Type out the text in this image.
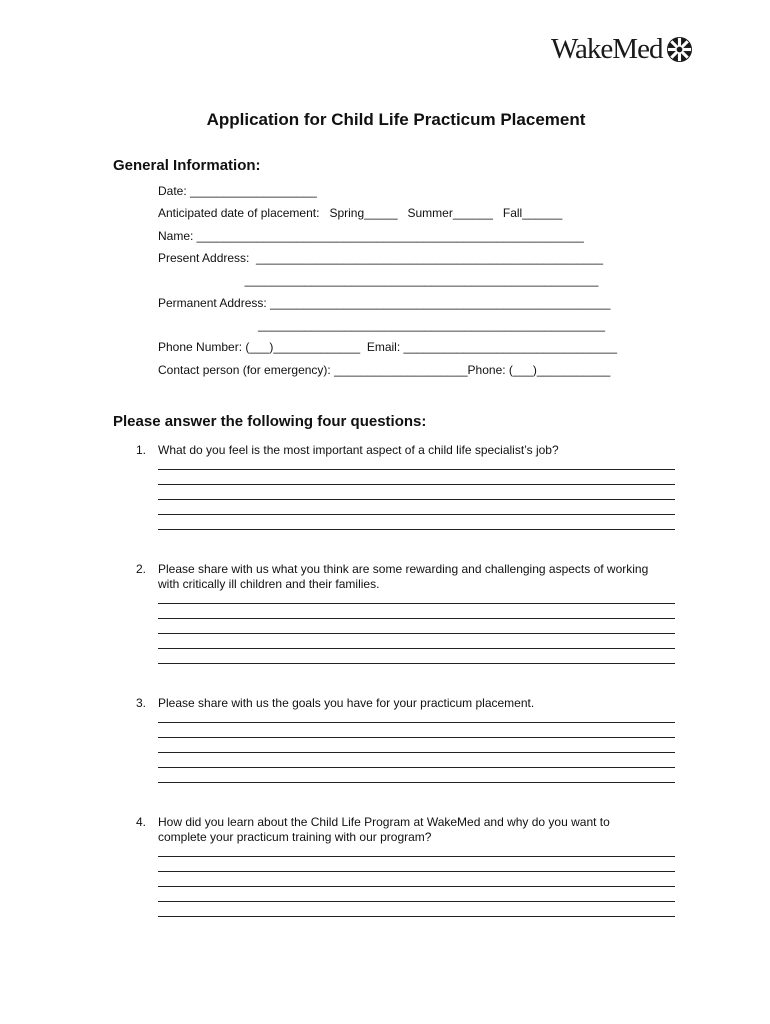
WakeMed
Application for Child Life Practicum Placement
General Information:
Date: ___________________
Anticipated date of placement:   Spring_____   Summer______   Fall______
Name: __________________________________________________________
Present Address:  ____________________________________________________
_____________________________________________________
Permanent Address: ___________________________________________________
____________________________________________________
Phone Number: (___)_____________  Email: ________________________________
Contact person (for emergency): ____________________Phone: (___)___________
Please answer the following four questions:
1. What do you feel is the most important aspect of a child life specialist’s job?
2. Please share with us what you think are some rewarding and challenging aspects of working
with critically ill children and their families.
3. Please share with us the goals you have for your practicum placement.
4. How did you learn about the Child Life Program at WakeMed and why do you want to
complete your practicum training with our program?
